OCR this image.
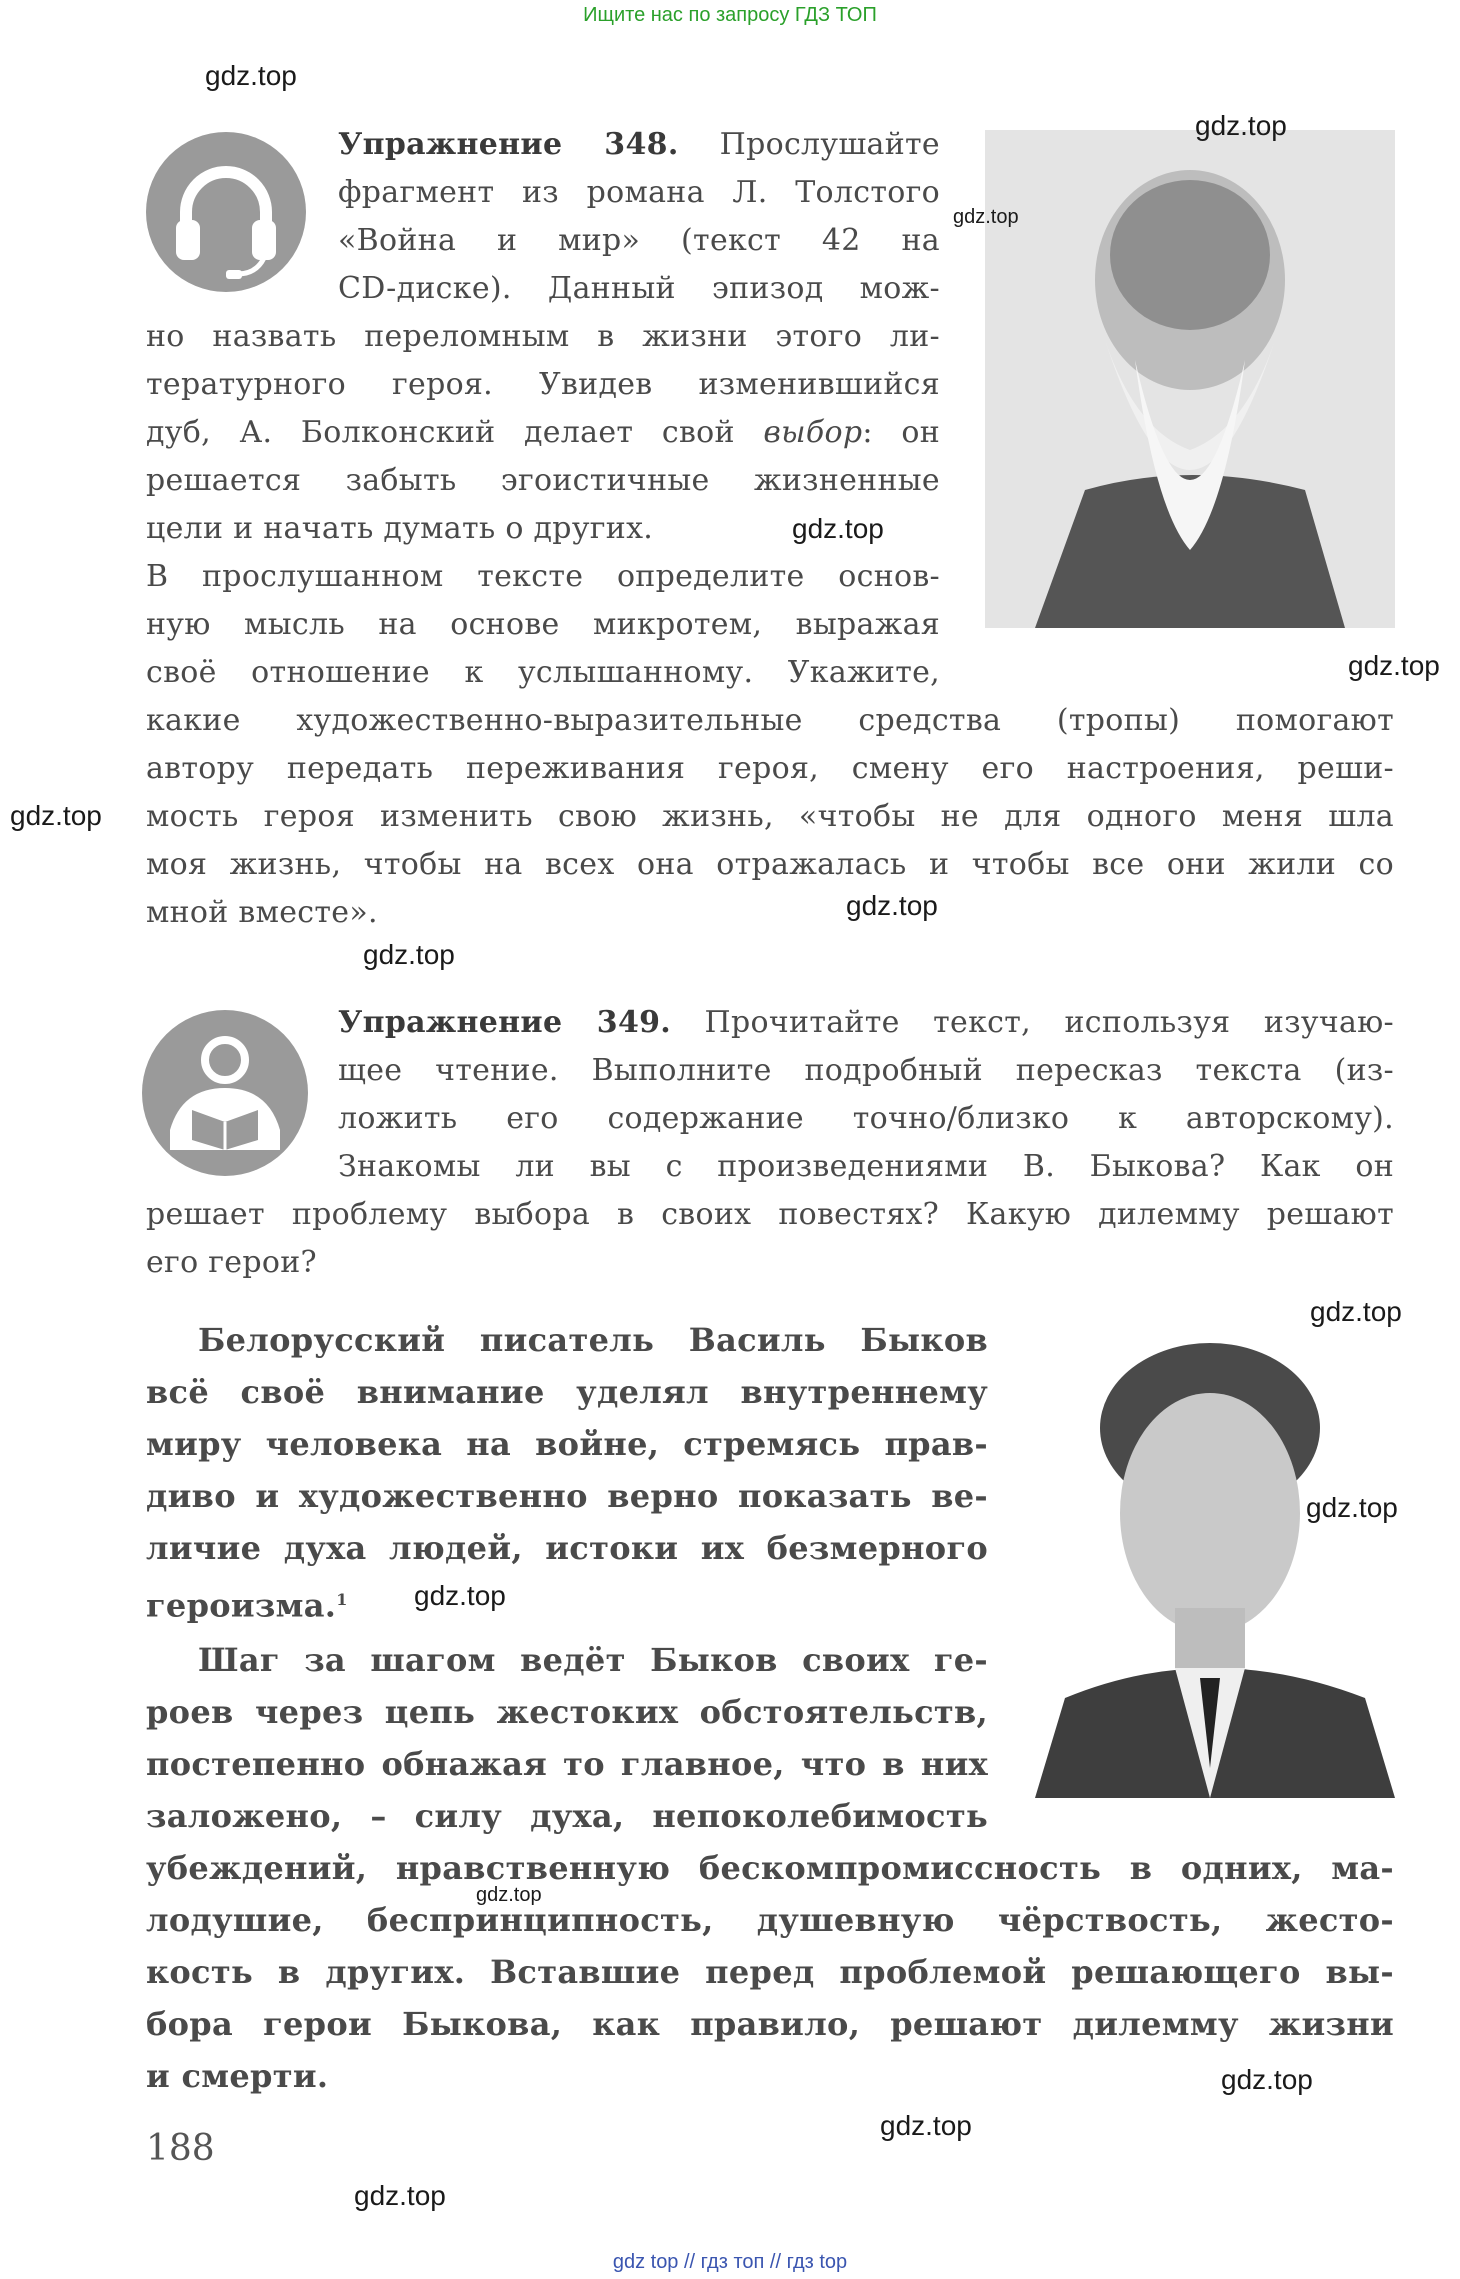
Ищите нас по запросу ГДЗ ТОП
gdz top // гдз топ // гдз top
Упражнение 348. Прослушайте
фрагмент из романа Л. Толстого
«Война и мир» (текст 42 на
CD-диске). Данный эпизод мож-
но назвать переломным в жизни этого ли-
тературного героя. Увидев изменившийся
дуб, А. Болконский делает свой выбор: он
решается забыть эгоистичные жизненные
цели и начать думать о других.
В прослушанном тексте определите основ-
ную мысль на основе микротем, выражая
своё отношение к услышанному. Укажите,
какие художественно-выразительные средства (тропы) помогают
автору передать переживания героя, смену его настроения, реши-
мость героя изменить свою жизнь, «чтобы не для одного меня шла
моя жизнь, чтобы на всех она отражалась и чтобы все они жили со
мной вместе».
Упражнение 349. Прочитайте текст, используя изучаю-
щее чтение. Выполните подробный пересказ текста (из-
ложить его содержание точно/близко к авторскому).
Знакомы ли вы с произведениями В. Быкова? Как он
решает проблему выбора в своих повестях? Какую дилемму решают
его герои?
Белорусский писатель Василь Быков
всё своё внимание уделял внутреннему
миру человека на войне, стремясь прав-
диво и художественно верно показать ве-
личие духа людей, истоки их безмерного
героизма.$^1$
Шаг за шагом ведёт Быков своих ге-
роев через цепь жестоких обстоятельств,
постепенно обнажая то главное, что в них
заложено, – силу духа, непоколебимость
убеждений, нравственную бескомпромиссность в одних, ма-
лодушие, беспринципность, душевную чёрствость, жесто-
кость в других. Вставшие перед проблемой решающего вы-
бора герои Быкова, как правило, решают дилемму жизни
и смерти.
188
gdz.top
gdz.top
gdz.top
gdz.top
gdz.top
gdz.top
gdz.top
gdz.top
gdz.top
gdz.top
gdz.top
gdz.top
gdz.top
gdz.top
gdz.top
